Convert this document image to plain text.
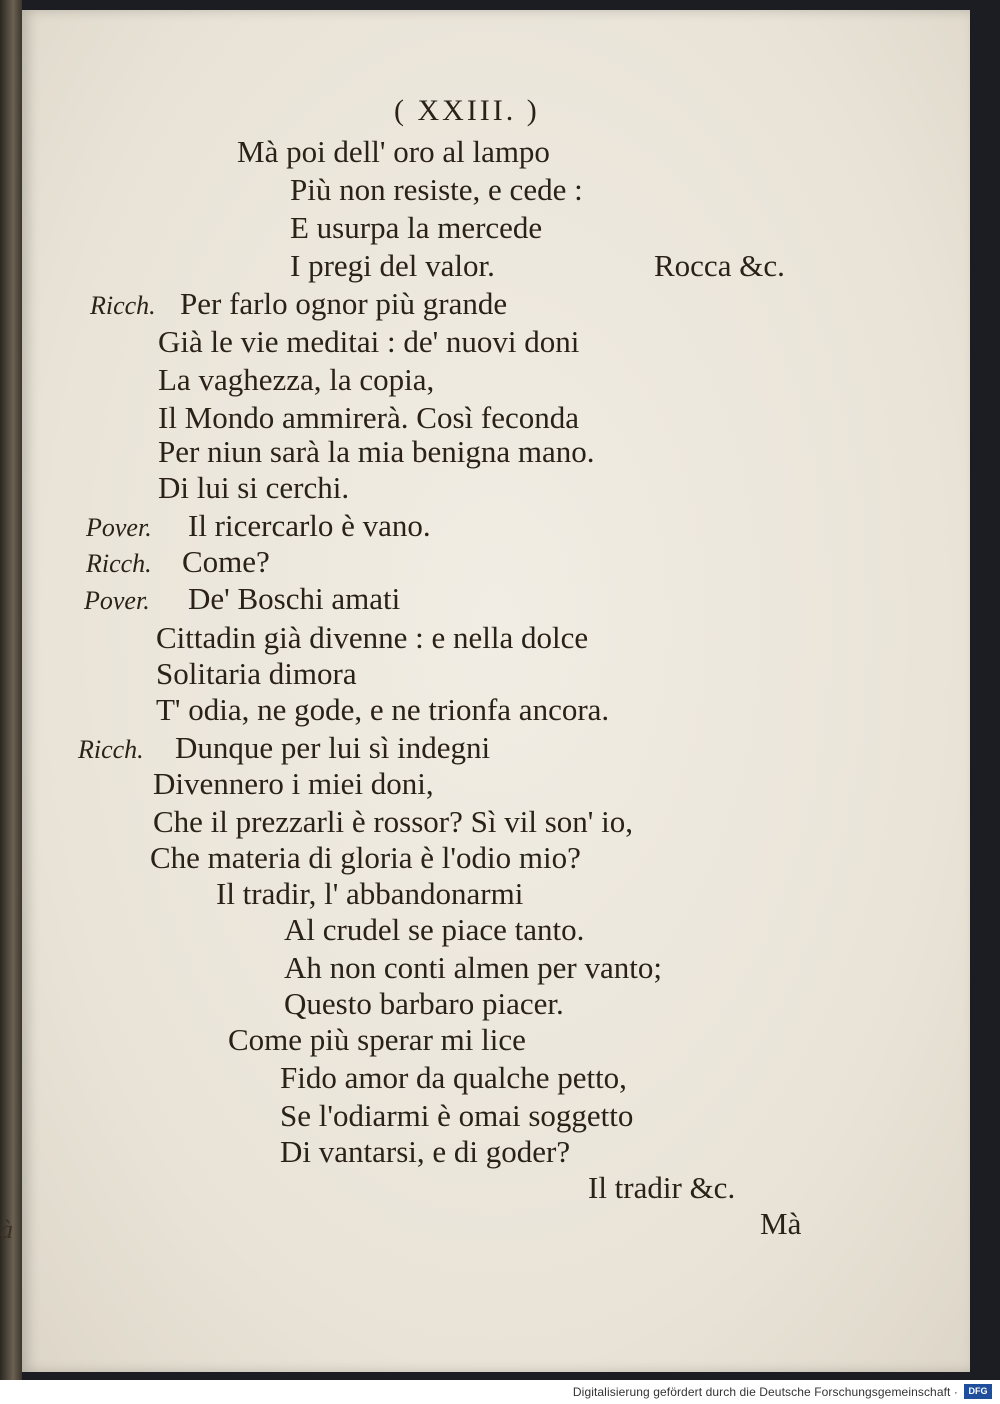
à
( XXIII. )
Mà poi dell' oro al lampo
Più non resiste, e cede :
E usurpa la mercede
I pregi del valor.	Rocca &c.
Ricch. Per farlo ognor più grande
Già le vie meditai : de' nuovi doni
La vaghezza, la copia,
Il Mondo ammirerà. Così feconda
Per niun sarà la mia benigna mano.
Di lui si cerchi.
Pover. Il ricercarlo è vano.
Ricch. Come?
Pover. De' Boschi amati
Cittadin già divenne : e nella dolce
Solitaria dimora
T' odia, ne gode, e ne trionfa ancora.
Ricch. Dunque per lui sì indegni
Divennero i miei doni,
Che il prezzarli è rossor? Sì vil son' io,
Che materia di gloria è l'odio mio?
Il tradir, l' abbandonarmi
Al crudel se piace tanto.
Ah non conti almen per vanto;
Questo barbaro piacer.
Come più sperar mi lice
Fido amor da qualche petto,
Se l'odiarmi è omai soggetto
Di vantarsi, e di goder?
Il tradir &c.
Mà
Digitalisierung gefördert durch die Deutsche Forschungsgemeinschaft ·	DFG
